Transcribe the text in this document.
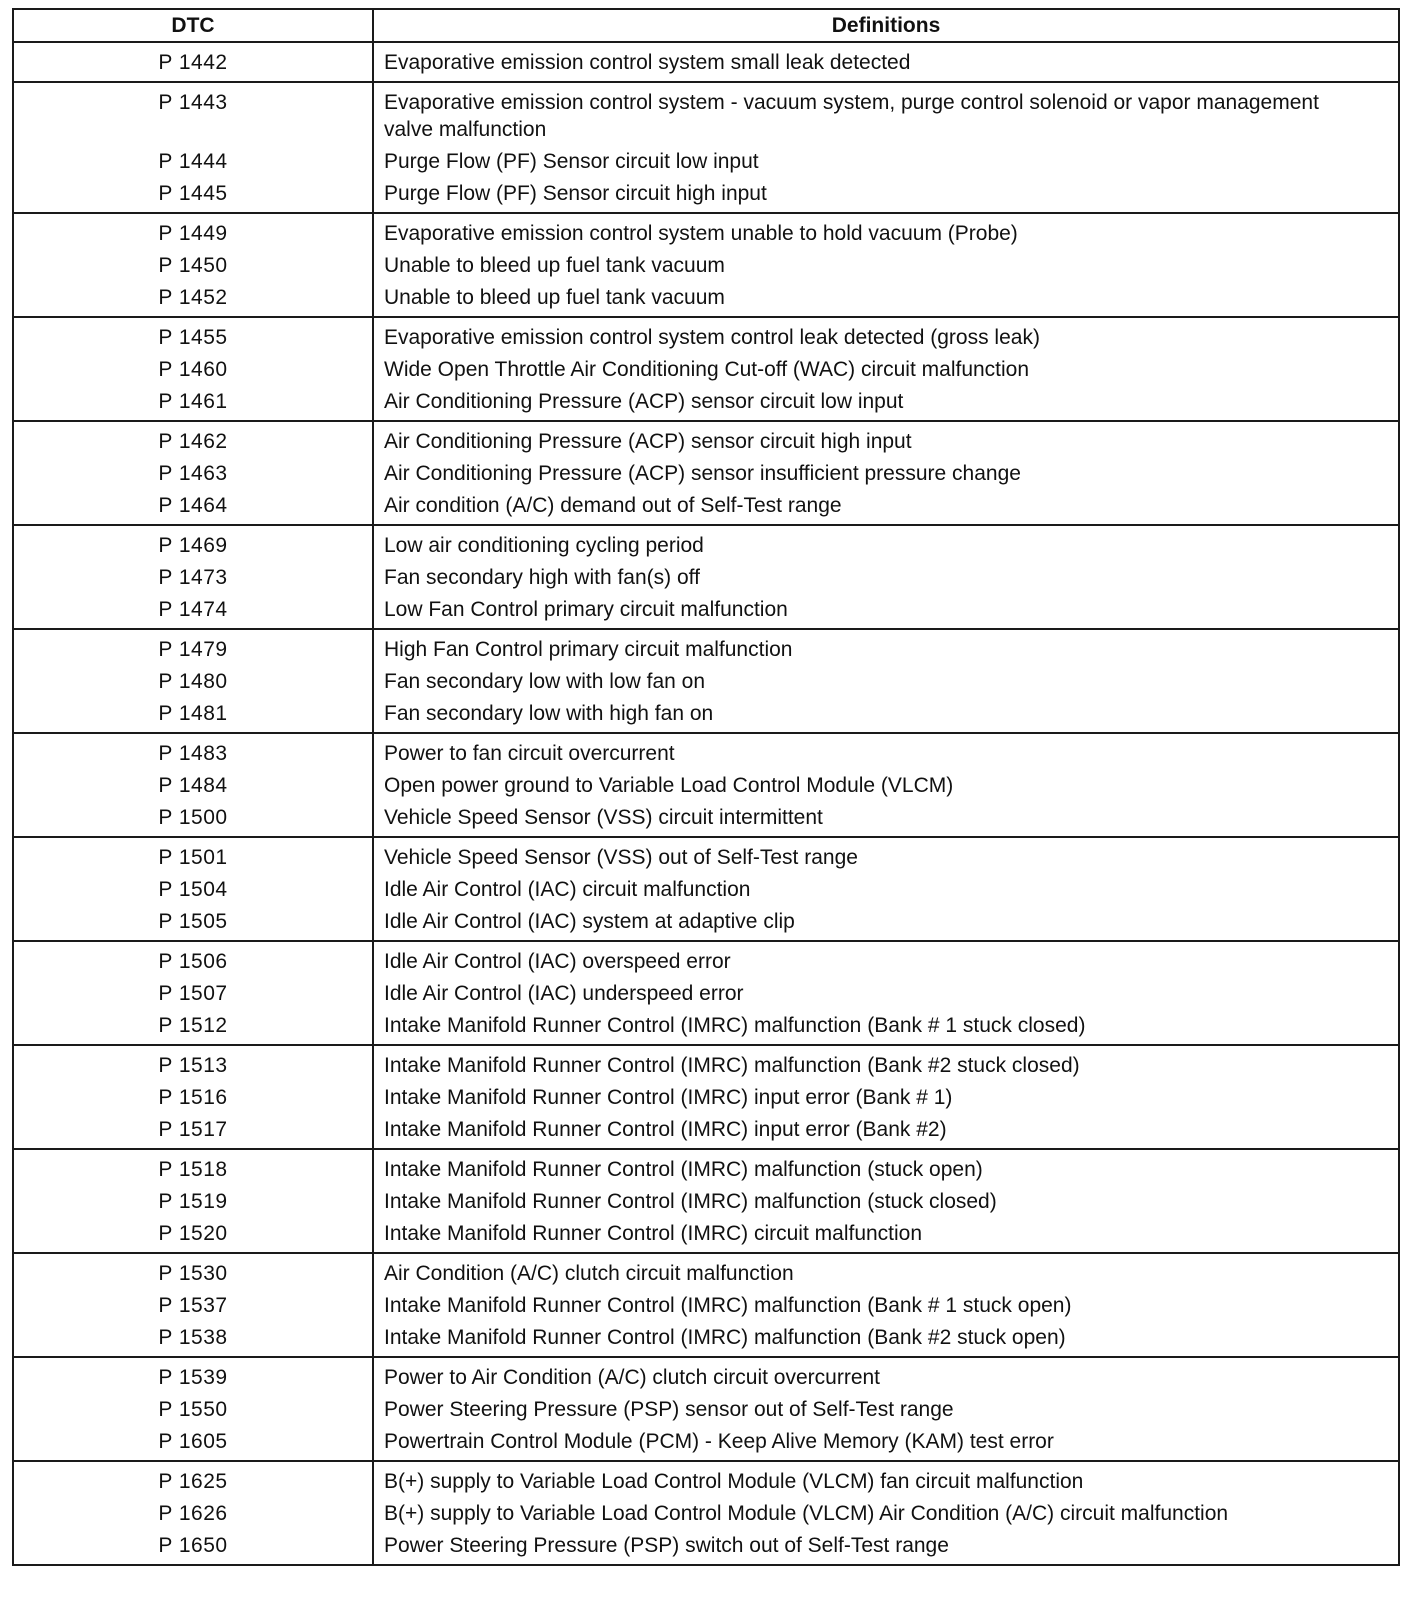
DTC	Definitions
P 1442	Evaporative emission control system small leak detected
P 1443	Evaporative emission control system - vacuum system, purge control solenoid or vapor management valve malfunction
P 1444	Purge Flow (PF) Sensor circuit low input
P 1445	Purge Flow (PF) Sensor circuit high input
P 1449	Evaporative emission control system unable to hold vacuum (Probe)
P 1450	Unable to bleed up fuel tank vacuum
P 1452	Unable to bleed up fuel tank vacuum
P 1455	Evaporative emission control system control leak detected (gross leak)
P 1460	Wide Open Throttle Air Conditioning Cut-off (WAC) circuit malfunction
P 1461	Air Conditioning Pressure (ACP) sensor circuit low input
P 1462	Air Conditioning Pressure (ACP) sensor circuit high input
P 1463	Air Conditioning Pressure (ACP) sensor insufficient pressure change
P 1464	Air condition (A/C) demand out of Self-Test range
P 1469	Low air conditioning cycling period
P 1473	Fan secondary high with fan(s) off
P 1474	Low Fan Control primary circuit malfunction
P 1479	High Fan Control primary circuit malfunction
P 1480	Fan secondary low with low fan on
P 1481	Fan secondary low with high fan on
P 1483	Power to fan circuit overcurrent
P 1484	Open power ground to Variable Load Control Module (VLCM)
P 1500	Vehicle Speed Sensor (VSS) circuit intermittent
P 1501	Vehicle Speed Sensor (VSS) out of Self-Test range
P 1504	Idle Air Control (IAC) circuit malfunction
P 1505	Idle Air Control (IAC) system at adaptive clip
P 1506	Idle Air Control (IAC) overspeed error
P 1507	Idle Air Control (IAC) underspeed error
P 1512	Intake Manifold Runner Control (IMRC) malfunction (Bank # 1 stuck closed)
P 1513	Intake Manifold Runner Control (IMRC) malfunction (Bank #2 stuck closed)
P 1516	Intake Manifold Runner Control (IMRC) input error (Bank # 1)
P 1517	Intake Manifold Runner Control (IMRC) input error (Bank #2)
P 1518	Intake Manifold Runner Control (IMRC) malfunction (stuck open)
P 1519	Intake Manifold Runner Control (IMRC) malfunction (stuck closed)
P 1520	Intake Manifold Runner Control (IMRC) circuit malfunction
P 1530	Air Condition (A/C) clutch circuit malfunction
P 1537	Intake Manifold Runner Control (IMRC) malfunction (Bank # 1 stuck open)
P 1538	Intake Manifold Runner Control (IMRC) malfunction (Bank #2 stuck open)
P 1539	Power to Air Condition (A/C) clutch circuit overcurrent
P 1550	Power Steering Pressure (PSP) sensor out of Self-Test range
P 1605	Powertrain Control Module (PCM) - Keep Alive Memory (KAM) test error
P 1625	B(+) supply to Variable Load Control Module (VLCM) fan circuit malfunction
P 1626	B(+) supply to Variable Load Control Module (VLCM) Air Condition (A/C) circuit malfunction
P 1650	Power Steering Pressure (PSP) switch out of Self-Test range
